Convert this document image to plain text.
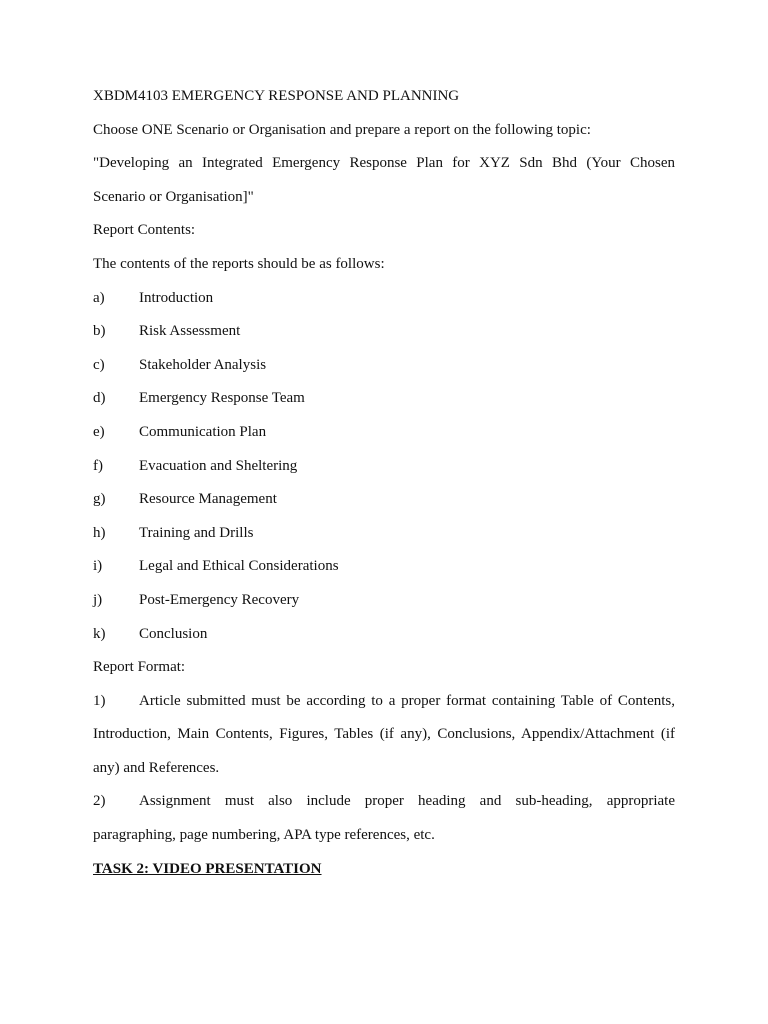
XBDM4103 EMERGENCY RESPONSE AND PLANNING
Choose ONE Scenario or Organisation and prepare a report on the following topic:
"Developing an Integrated Emergency Response Plan for XYZ Sdn Bhd (Your Chosen
Scenario or Organisation]"
Report Contents:
The contents of the reports should be as follows:
a)	Introduction
b)	Risk Assessment
c)	Stakeholder Analysis
d)	Emergency Response Team
e)	Communication Plan
f)	Evacuation and Sheltering
g)	Resource Management
h)	Training and Drills
i)	Legal and Ethical Considerations
j)	Post-Emergency Recovery
k)	Conclusion
Report Format:
1)	Article submitted must be according to a proper format containing Table of Contents,
Introduction, Main Contents, Figures, Tables (if any), Conclusions, Appendix/Attachment (if
any) and References.
2)	Assignment must also include proper heading and sub-heading, appropriate
paragraphing, page numbering, APA type references, etc.
TASK 2: VIDEO PRESENTATION
